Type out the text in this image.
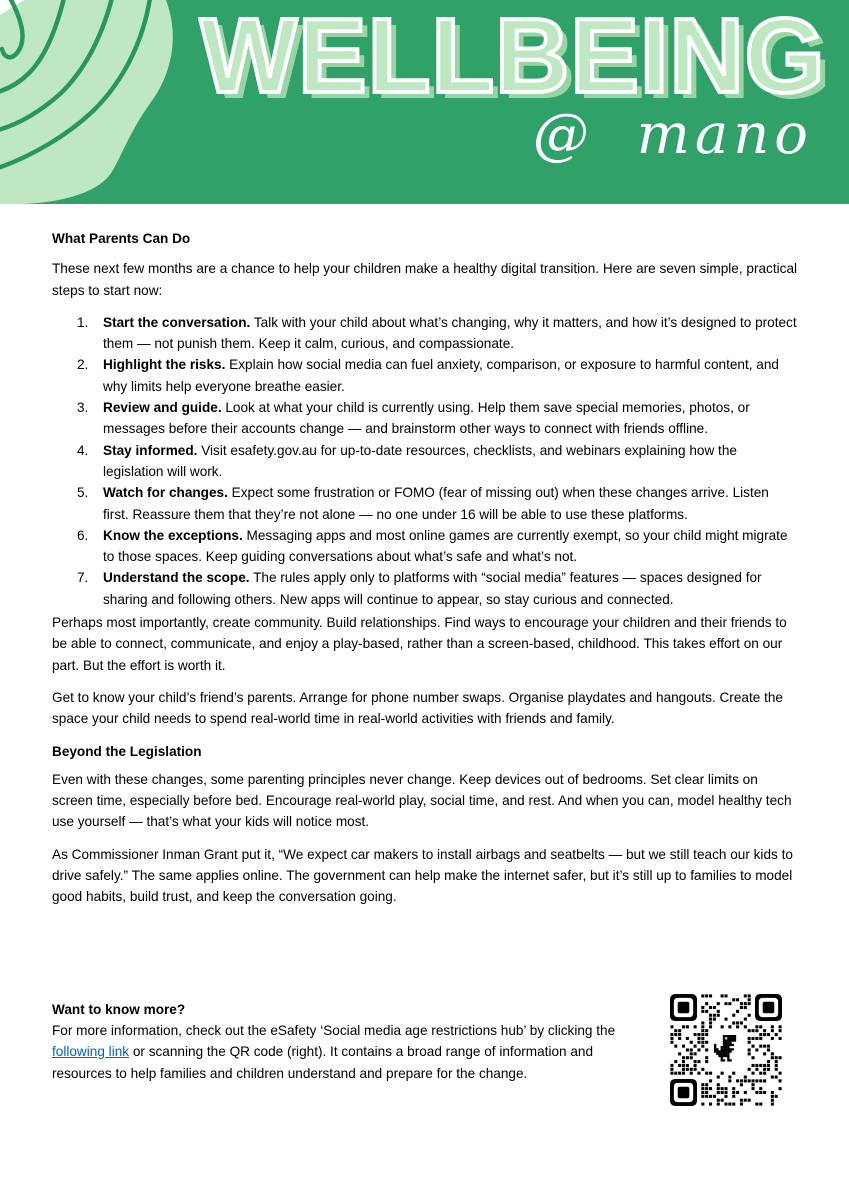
WELLBEING
@ mano

What Parents Can Do

These next few months are a chance to help your children make a healthy digital transition. Here are seven simple, practical steps to start now:

1. Start the conversation. Talk with your child about what’s changing, why it matters, and how it’s designed to protect them — not punish them. Keep it calm, curious, and compassionate.
2. Highlight the risks. Explain how social media can fuel anxiety, comparison, or exposure to harmful content, and why limits help everyone breathe easier.
3. Review and guide. Look at what your child is currently using. Help them save special memories, photos, or messages before their accounts change — and brainstorm other ways to connect with friends offline.
4. Stay informed. Visit esafety.gov.au for up-to-date resources, checklists, and webinars explaining how the legislation will work.
5. Watch for changes. Expect some frustration or FOMO (fear of missing out) when these changes arrive. Listen first. Reassure them that they’re not alone — no one under 16 will be able to use these platforms.
6. Know the exceptions. Messaging apps and most online games are currently exempt, so your child might migrate to those spaces. Keep guiding conversations about what’s safe and what’s not.
7. Understand the scope. The rules apply only to platforms with “social media” features — spaces designed for sharing and following others. New apps will continue to appear, so stay curious and connected.

Perhaps most importantly, create community. Build relationships. Find ways to encourage your children and their friends to be able to connect, communicate, and enjoy a play-based, rather than a screen-based, childhood. This takes effort on our part. But the effort is worth it.

Get to know your child’s friend’s parents. Arrange for phone number swaps. Organise playdates and hangouts. Create the space your child needs to spend real-world time in real-world activities with friends and family.

Beyond the Legislation

Even with these changes, some parenting principles never change. Keep devices out of bedrooms. Set clear limits on screen time, especially before bed. Encourage real-world play, social time, and rest. And when you can, model healthy tech use yourself — that’s what your kids will notice most.

As Commissioner Inman Grant put it, “We expect car makers to install airbags and seatbelts — but we still teach our kids to drive safely.” The same applies online. The government can help make the internet safer, but it’s still up to families to model good habits, build trust, and keep the conversation going.

Want to know more?

For more information, check out the eSafety ‘Social media age restrictions hub’ by clicking the following link or scanning the QR code (right). It contains a broad range of information and resources to help families and children understand and prepare for the change.
